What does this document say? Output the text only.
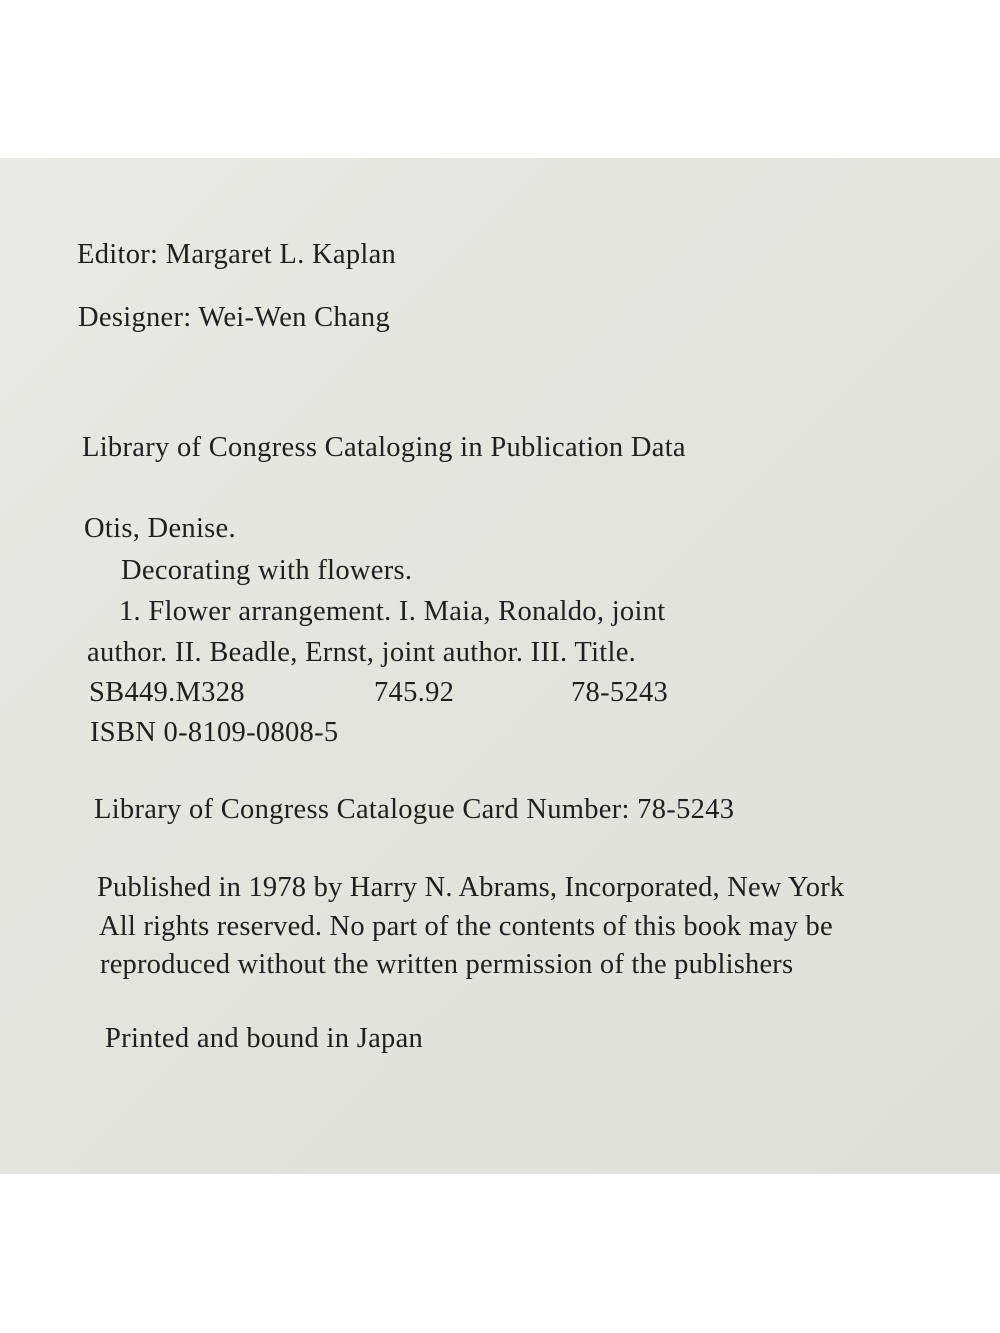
Editor: Margaret L. Kaplan
Designer: Wei-Wen Chang
Library of Congress Cataloging in Publication Data
Otis, Denise.
Decorating with flowers.
1. Flower arrangement. I. Maia, Ronaldo, joint
author. II. Beadle, Ernst, joint author. III. Title.
SB449.M328	745.92	78-5243
ISBN 0-8109-0808-5
Library of Congress Catalogue Card Number: 78-5243
Published in 1978 by Harry N. Abrams, Incorporated, New York
All rights reserved. No part of the contents of this book may be
reproduced without the written permission of the publishers
Printed and bound in Japan
